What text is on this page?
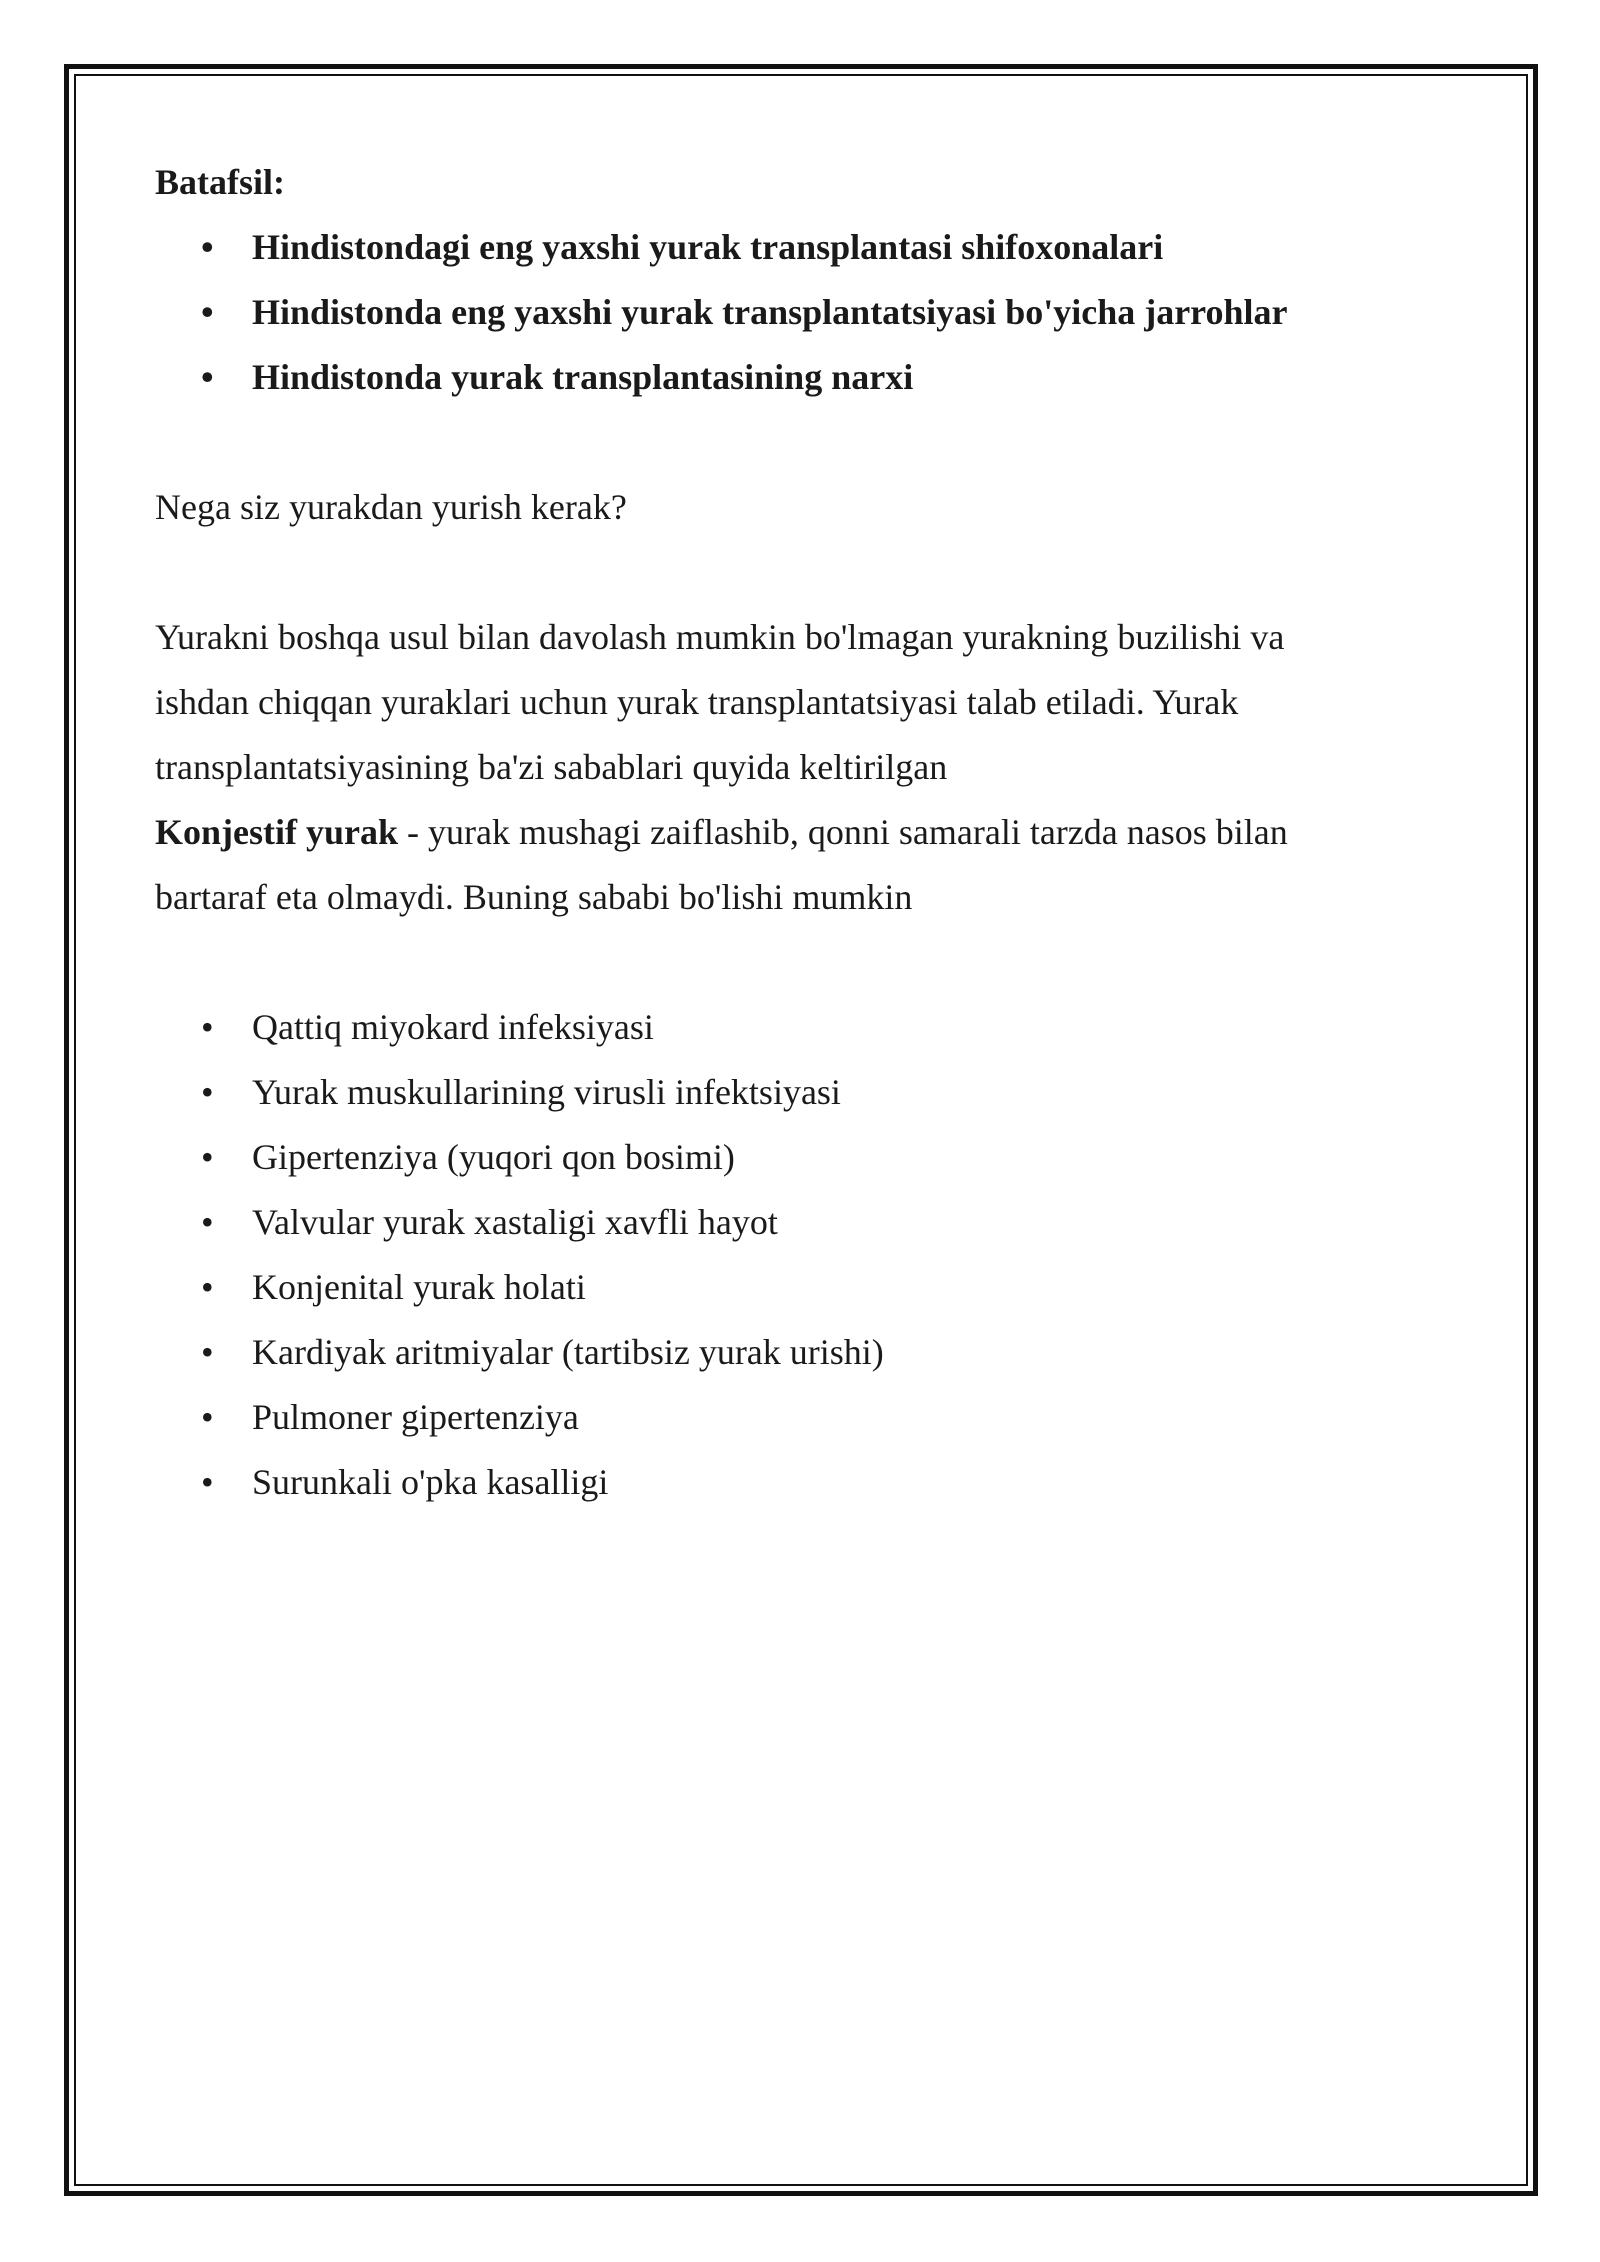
Batafsil:
• Hindistondagi eng yaxshi yurak transplantasi shifoxonalari
• Hindistonda eng yaxshi yurak transplantatsiyasi bo'yicha jarrohlar
• Hindistonda yurak transplantasining narxi

Nega siz yurakdan yurish kerak?

Yurakni boshqa usul bilan davolash mumkin bo'lmagan yurakning buzilishi va

ishdan chiqqan yuraklari uchun yurak transplantatsiyasi talab etiladi. Yurak

transplantatsiyasining ba'zi sabablari quyida keltirilgan

Konjestif yurak - yurak mushagi zaiflashib, qonni samarali tarzda nasos bilan

bartaraf eta olmaydi. Buning sababi bo'lishi mumkin

• Qattiq miyokard infeksiyasi
• Yurak muskullarining virusli infektsiyasi
• Gipertenziya (yuqori qon bosimi)
• Valvular yurak xastaligi xavfli hayot
• Konjenital yurak holati
• Kardiyak aritmiyalar (tartibsiz yurak urishi)
• Pulmoner gipertenziya
• Surunkali o'pka kasalligi
